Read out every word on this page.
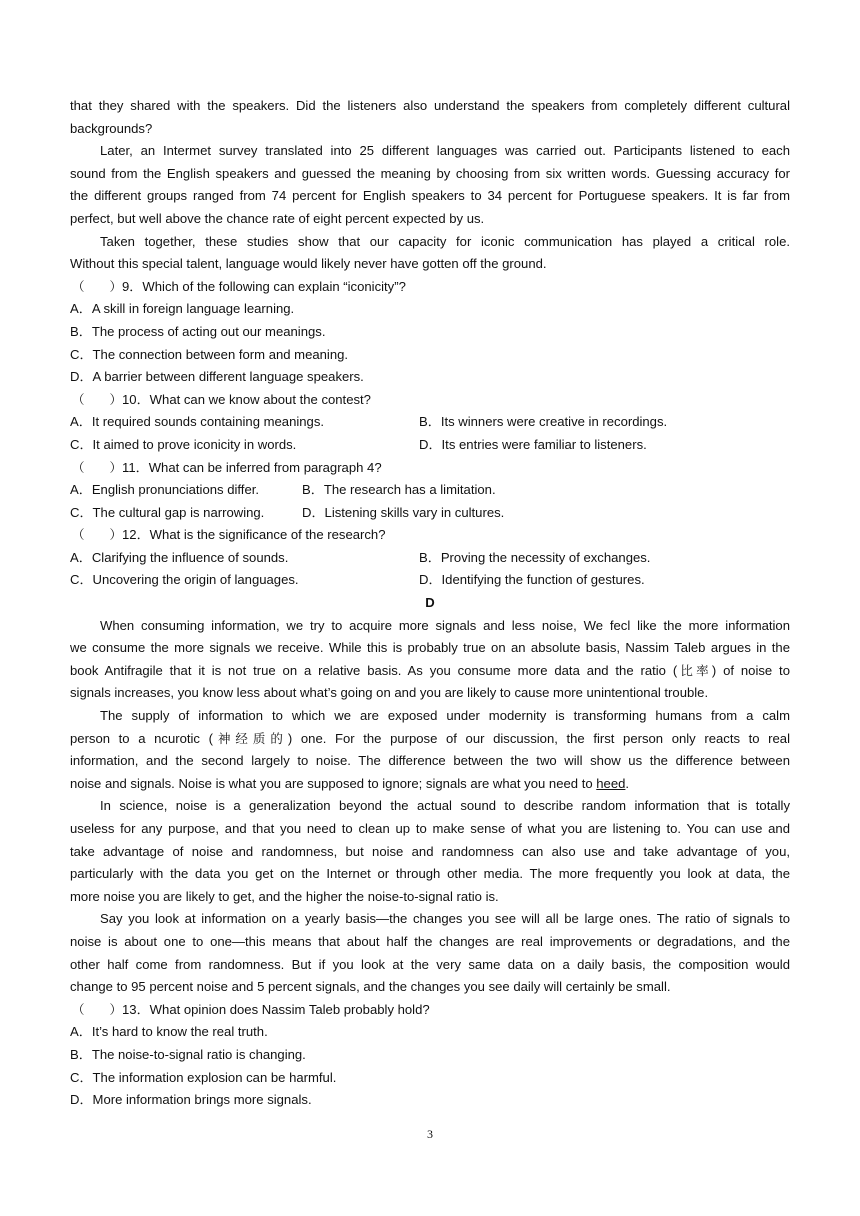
that they shared with the speakers. Did the listeners also understand the speakers from completely different cultural
backgrounds?
Later, an Intermet survey translated into 25 different languages was carried out. Participants listened to each
sound from the English speakers and guessed the meaning by choosing from six written words. Guessing accuracy for
the different groups ranged from 74 percent for English speakers to 34 percent for Portuguese speakers. It is far from
perfect, but well above the chance rate of eight percent expected by us.
Taken together, these studies show that our capacity for iconic communication has played a critical role.
Without this special talent, language would likely never have gotten off the ground.
（　　）9．Which of the following can explain “iconicity”?
A．A skill in foreign language learning.
B．The process of acting out our meanings.
C．The connection between form and meaning.
D．A barrier between different language speakers.
（　　）10．What can we know about the contest?
A．It required sounds containing meanings.	B．Its winners were creative in recordings.
C．It aimed to prove iconicity in words.	D．Its entries were familiar to listeners.
（　　）11．What can be inferred from paragraph 4?
A．English pronunciations differ.	B．The research has a limitation.
C．The cultural gap is narrowing.	D．Listening skills vary in cultures.
（　　）12．What is the significance of the research?
A．Clarifying the influence of sounds.	B．Proving the necessity of exchanges.
C．Uncovering the origin of languages.	D．Identifying the function of gestures.
D
When consuming information, we try to acquire more signals and less noise, We fecl like the more information
we consume the more signals we receive. While this is probably true on an absolute basis, Nassim Taleb argues in the
book Antifragile that it is not true on a relative basis. As you consume more data and the ratio (比率) of noise to
signals increases, you know less about what’s going on and you are likely to cause more unintentional trouble.
The supply of information to which we are exposed under modernity is transforming humans from a calm
person to a ncurotic (神经质的) one. For the purpose of our discussion, the first person only reacts to real
information, and the second largely to noise. The difference between the two will show us the difference between
noise and signals. Noise is what you are supposed to ignore; signals are what you need to heed.
In science, noise is a generalization beyond the actual sound to describe random information that is totally
useless for any purpose, and that you need to clean up to make sense of what you are listening to. You can use and
take advantage of noise and randomness, but noise and randomness can also use and take advantage of you,
particularly with the data you get on the Internet or through other media. The more frequently you look at data, the
more noise you are likely to get, and the higher the noise-to-signal ratio is.
Say you look at information on a yearly basis—the changes you see will all be large ones. The ratio of signals to
noise is about one to one—this means that about half the changes are real improvements or degradations, and the
other half come from randomness. But if you look at the very same data on a daily basis, the composition would
change to 95 percent noise and 5 percent signals, and the changes you see daily will certainly be small.
（　　）13．What opinion does Nassim Taleb probably hold?
A．It’s hard to know the real truth.
B．The noise-to-signal ratio is changing.
C．The information explosion can be harmful.
D．More information brings more signals.
3
